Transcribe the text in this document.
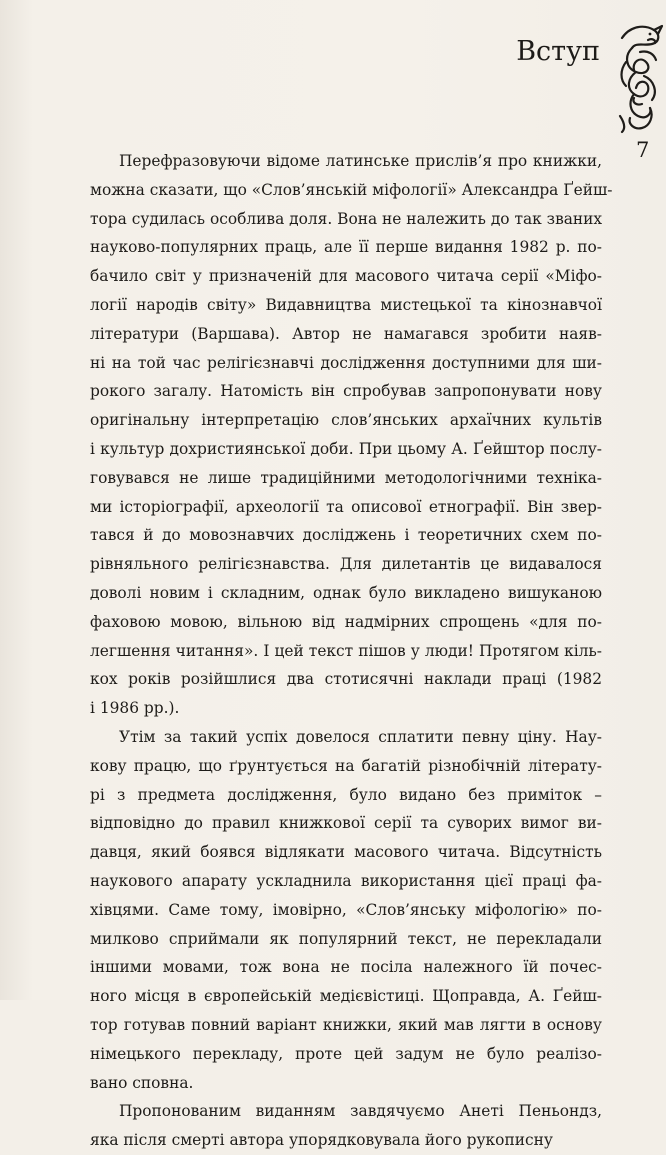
Вступ
7

Перефразовуючи відоме латинське прислів’я про книжки,
можна сказати, що «Слов’янській міфології» Александра Ґейш-
тора судилась особлива доля. Вона не належить до так званих
науково-популярних праць, але її перше видання 1982 р. по-
бачило світ у призначеній для масового читача серії «Міфо-
логії народів світу» Видавництва мистецької та кінознавчої
літератури (Варшава). Автор не намагався зробити наяв-
ні на той час релігієзнавчі дослідження доступними для ши-
рокого загалу. Натомість він спробував запропонувати нову
оригінальну інтерпретацію слов’янських архаїчних культів
і культур дохристиянської доби. При цьому А. Ґейштор послу-
говувався не лише традиційними методологічними техніка-
ми історіографії, археології та описової етнографії. Він звер-
тався й до мовознавчих досліджень і теоретичних схем по-
рівняльного релігієзнавства. Для дилетантів це видавалося
доволі новим і складним, однак було викладено вишуканою
фаховою мовою, вільною від надмірних спрощень «для по-
легшення читання». І цей текст пішов у люди! Протягом кіль-
кох років розійшлися два стотисячні наклади праці (1982
і 1986 рр.).

Утім за такий успіх довелося сплатити певну ціну. Нау-
кову працю, що ґрунтується на багатій різнобічній літерату-
рі з предмета дослідження, було видано без приміток –
відповідно до правил книжкової серії та суворих вимог ви-
давця, який боявся відлякати масового читача. Відсутність
наукового апарату ускладнила використання цієї праці фа-
хівцями. Саме тому, імовірно, «Слов’янську міфологію» по-
милково сприймали як популярний текст, не перекладали
іншими мовами, тож вона не посіла належного їй почес-
ного місця в європейській медієвістиці. Щоправда, А. Ґейш-
тор готував повний варіант книжки, який мав лягти в основу
німецького перекладу, проте цей задум не було реалізо-
вано сповна.

Пропонованим виданням завдячуємо Анеті Пеньондз,
яка після смерті автора упорядковувала його рукописну
